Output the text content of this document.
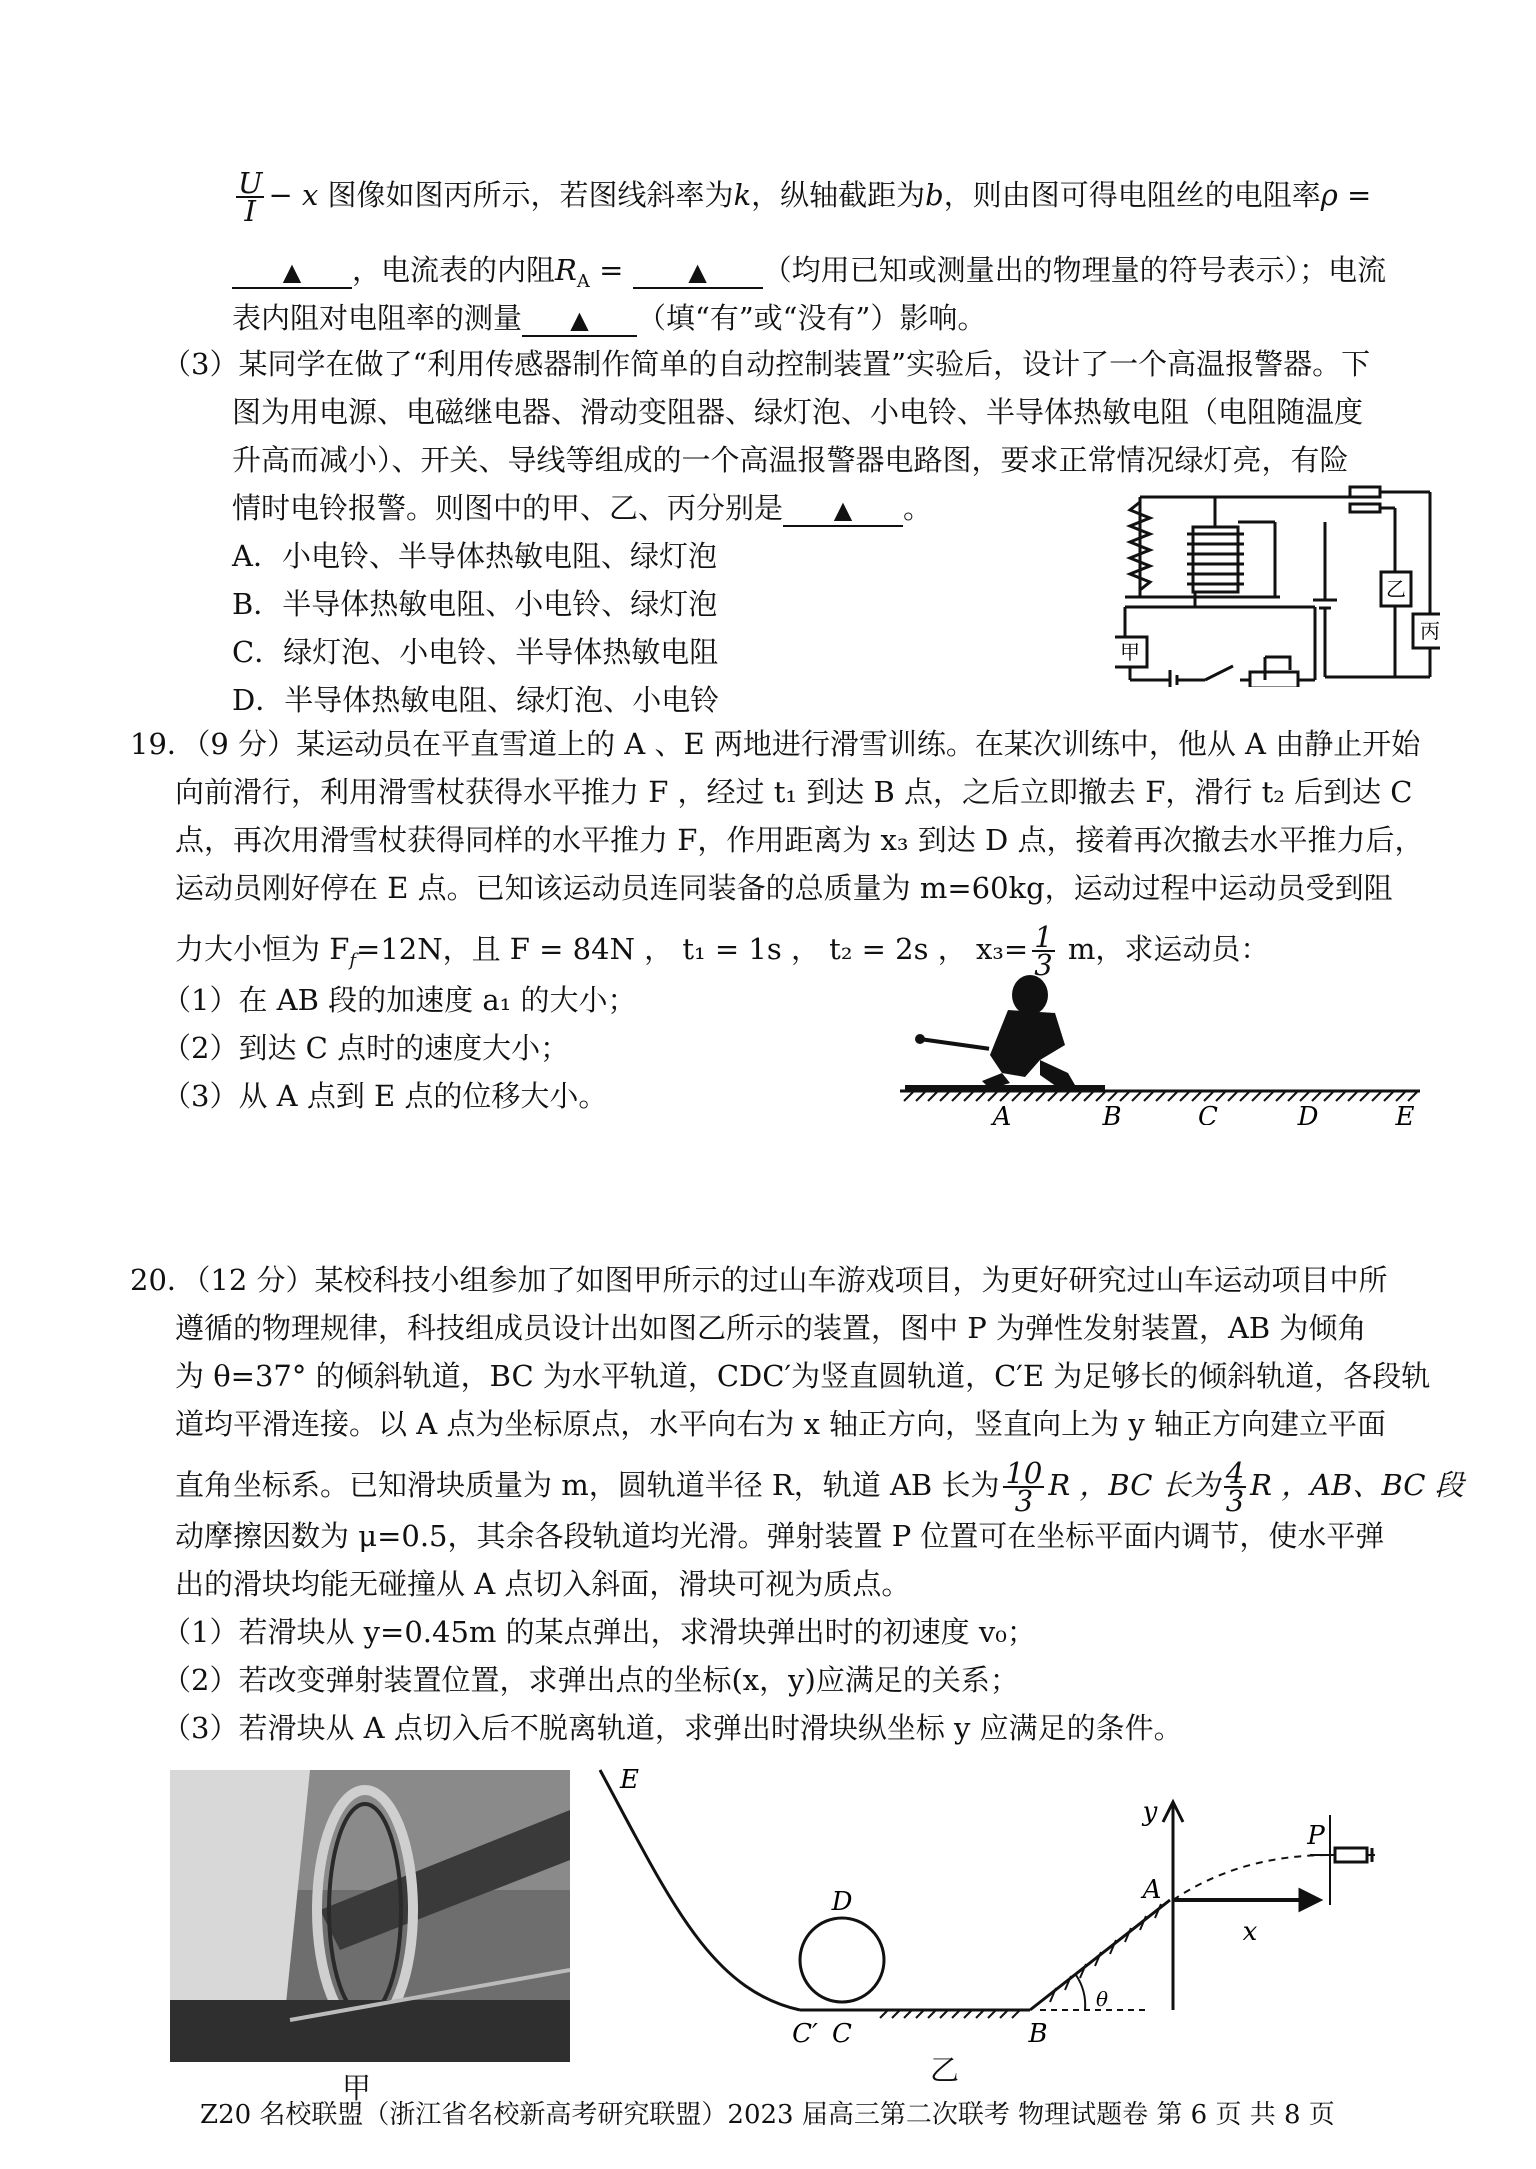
$\frac{U}{I} - x$ 图像如图丙所示，若图线斜率为k，纵轴截距为b，则由图可得电阻丝的电阻率ρ =
▲ ，电流表的内阻$R_A$ =	▲ （均用已知或测量出的物理量的符号表示）；电流
表内阻对电阻率的测量 ▲ （填“有”或“没有”）影响。
（3）某同学在做了“利用传感器制作简单的自动控制装置”实验后，设计了一个高温报警器。下
图为用电源、电磁继电器、滑动变阻器、绿灯泡、小电铃、半导体热敏电阻（电阻随温度
升高而减小）、开关、导线等组成的一个高温报警器电路图，要求正常情况绿灯亮，有险
情时电铃报警。则图中的甲、乙、丙分别是 ▲ 。
A．小电铃、半导体热敏电阻、绿灯泡
B．半导体热敏电阻、小电铃、绿灯泡
C．绿灯泡、小电铃、半导体热敏电阻
D．半导体热敏电阻、绿灯泡、小电铃
甲
乙
丙
19．（9 分）某运动员在平直雪道上的 A 、E 两地进行滑雪训练。在某次训练中，他从 A 由静止开始
向前滑行，利用滑雪杖获得水平推力 F ，经过 t₁ 到达 B 点，之后立即撤去 F，滑行 t₂ 后到达 C
点，再次用滑雪杖获得同样的水平推力 F，作用距离为 x₃ 到达 D 点，接着再次撤去水平推力后，
运动员刚好停在 E 点。已知该运动员连同装备的总质量为 m=60kg，运动过程中运动员受到阻
力大小恒为 $F_f=12N$，且 F = 84N ， t₁ = 1s ， t₂ = 2s ， $x_3= \frac{1}{3}$ m，求运动员：
（1）在 AB 段的加速度 a₁ 的大小；
（2）到达 C 点时的速度大小；
（3）从 A 点到 E 点的位移大小。
A	B	C	D	E
20．（12 分）某校科技小组参加了如图甲所示的过山车游戏项目，为更好研究过山车运动项目中所
遵循的物理规律，科技组成员设计出如图乙所示的装置，图中 P 为弹性发射装置，AB 为倾角
为 θ=37° 的倾斜轨道，BC 为水平轨道，CDC′为竖直圆轨道，C′E 为足够长的倾斜轨道，各段轨
道均平滑连接。以 A 点为坐标原点，水平向右为 x 轴正方向，竖直向上为 y 轴正方向建立平面
直角坐标系。已知滑块质量为 m，圆轨道半径 R，轨道 AB 长为 $\frac{10}{3}$ R ，BC 长为 $\frac{4}{3}$ R ，AB、BC 段
动摩擦因数为 μ=0.5，其余各段轨道均光滑。弹射装置 P 位置可在坐标平面内调节，使水平弹
出的滑块均能无碰撞从 A 点切入斜面，滑块可视为质点。
（1）若滑块从 y=0.45m 的某点弹出，求滑块弹出时的初速度 v₀；
（2）若改变弹射装置位置，求弹出点的坐标(x，y)应满足的关系；
（3）若滑块从 A 点切入后不脱离轨道，求弹出时滑块纵坐标 y 应满足的条件。
甲
E
D
C′ C	B
A
P
x
y
θ
乙
Z20 名校联盟（浙江省名校新高考研究联盟）2023 届高三第二次联考 物理试题卷 第 6 页 共 8 页
